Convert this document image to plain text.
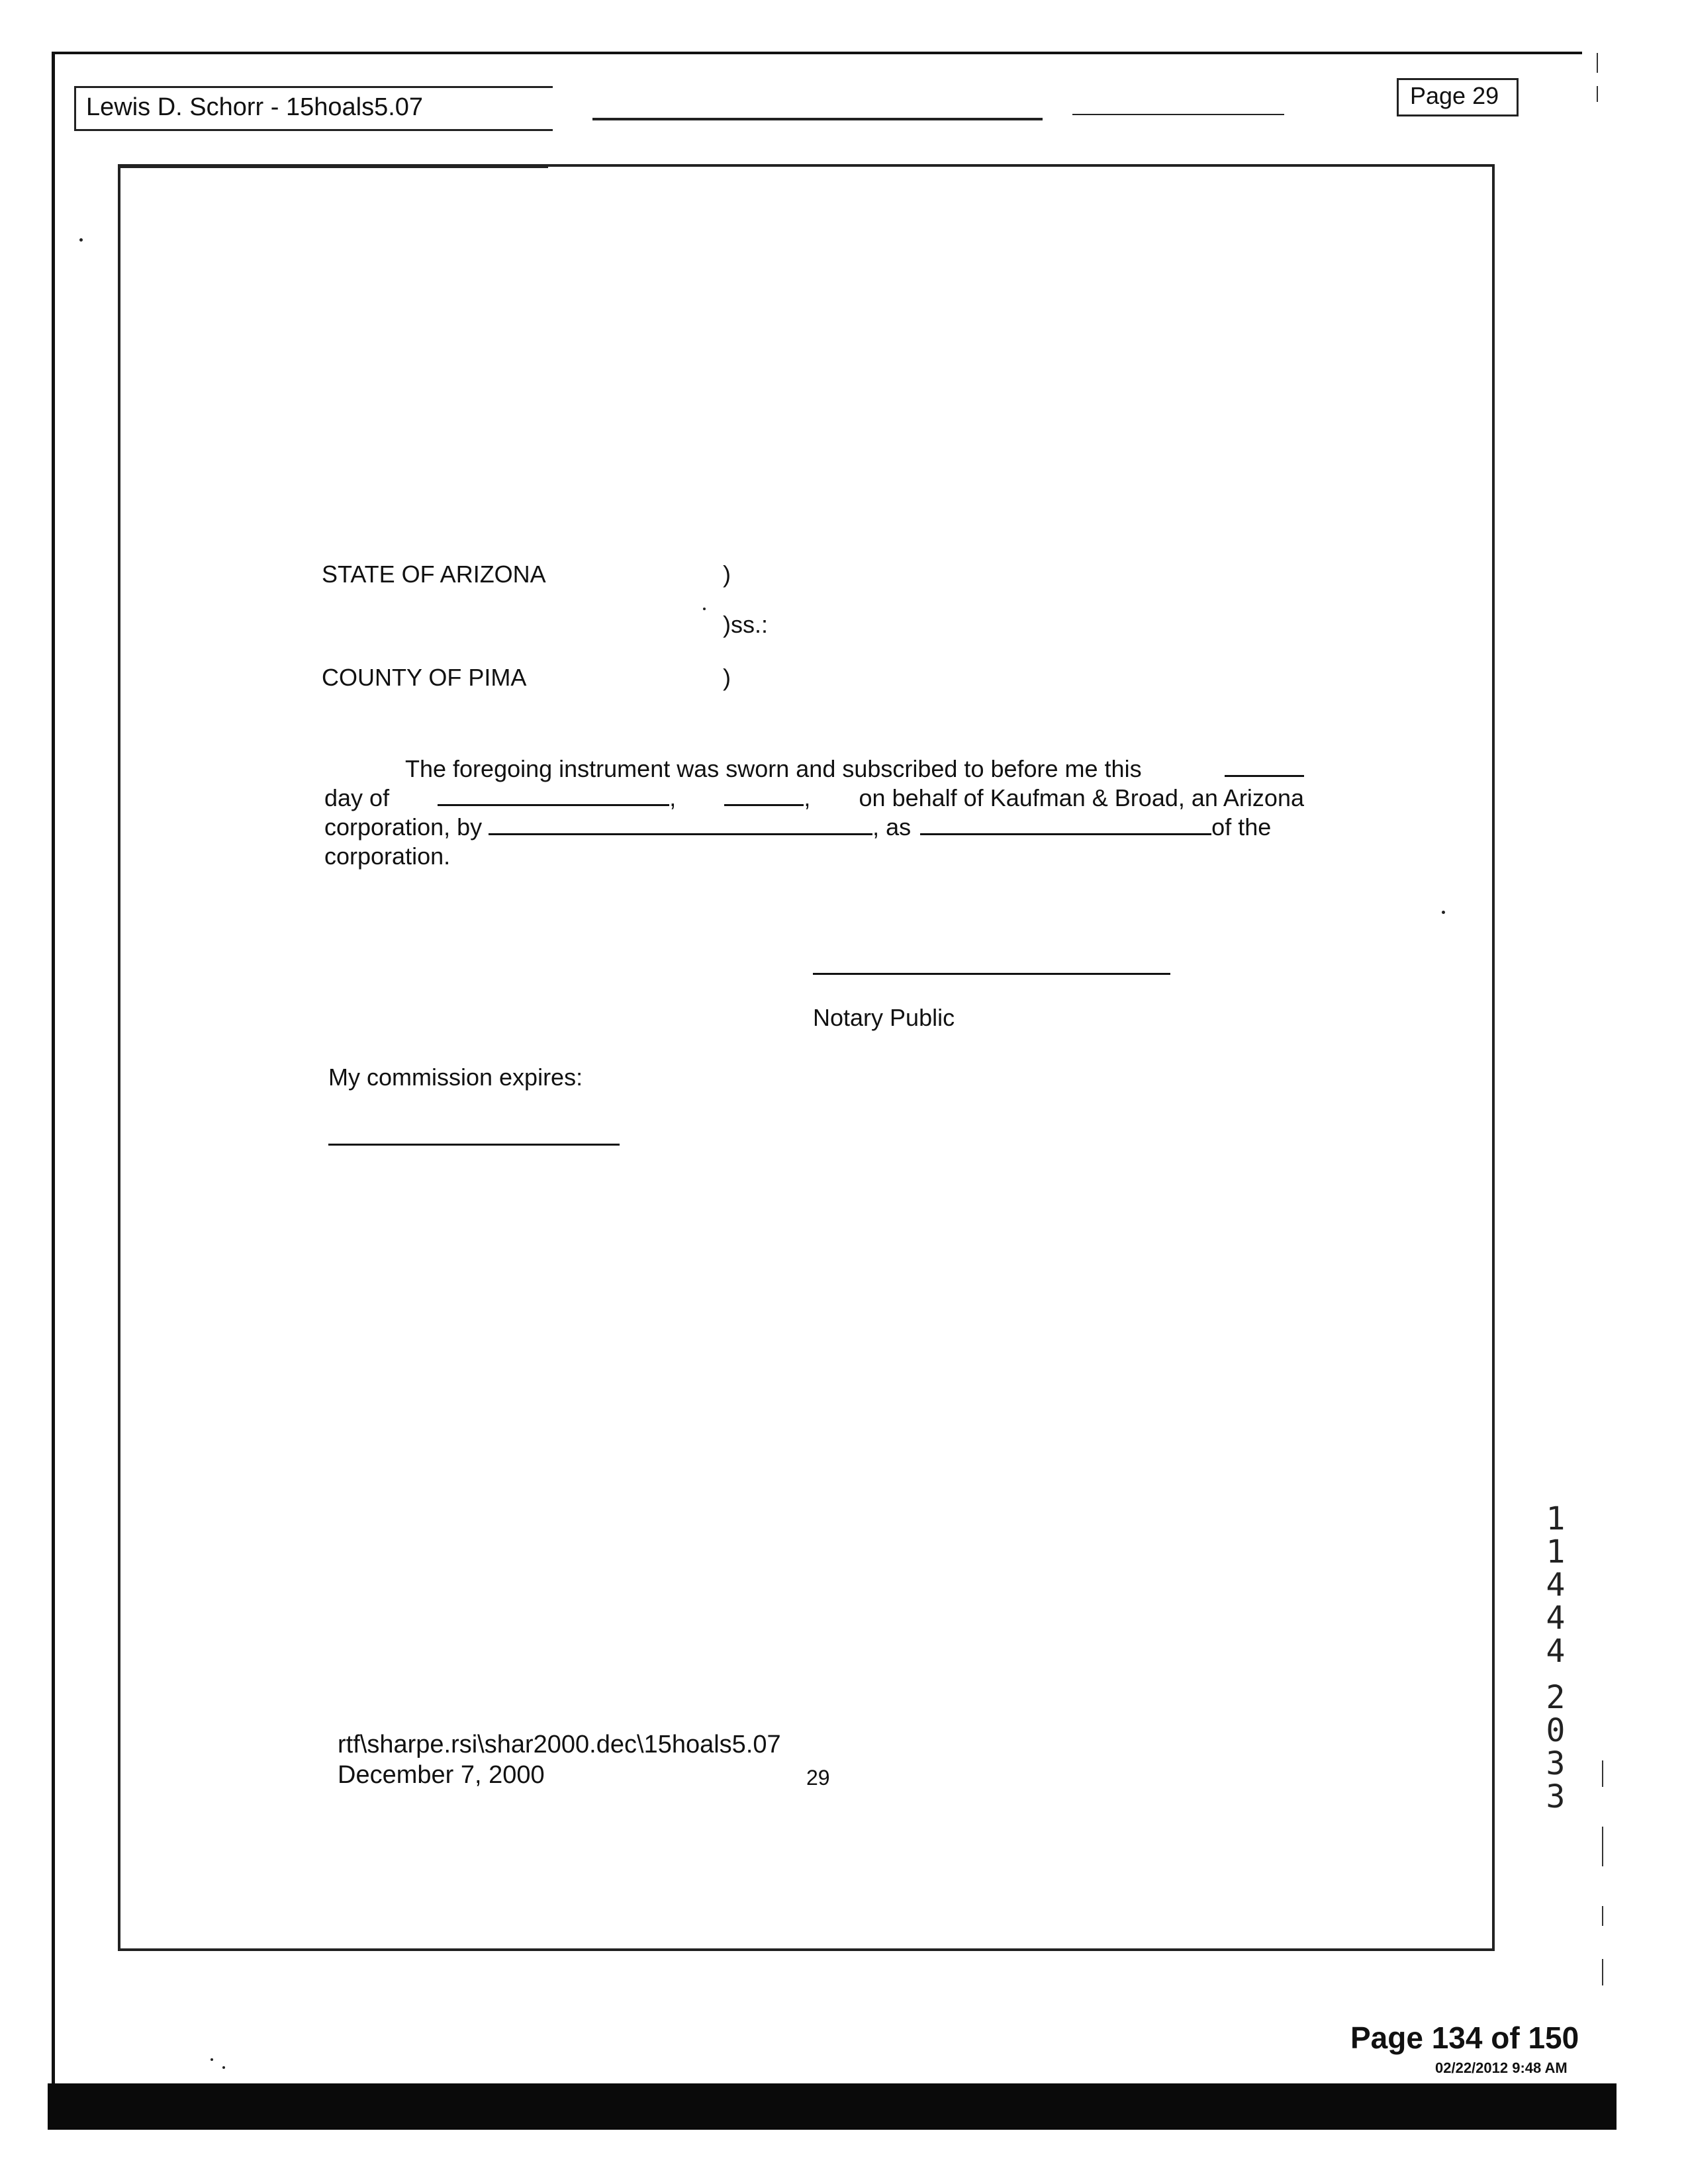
Lewis D. Schorr - 15hoals5.07	Page 29
STATE OF ARIZONA	)
)ss.:
COUNTY OF PIMA	)
The foregoing instrument was sworn and subscribed to before me this
day of	,	, on behalf of Kaufman & Broad, an Arizona
corporation, by	, as	of the
corporation.
Notary Public
My commission expires:
rtf\sharpe.rsi\shar2000.dec\15hoals5.07
December 7, 2000	29
1
1
4
4
4
2
0
3
3
Page 134 of 150
02/22/2012 9:48 AM
